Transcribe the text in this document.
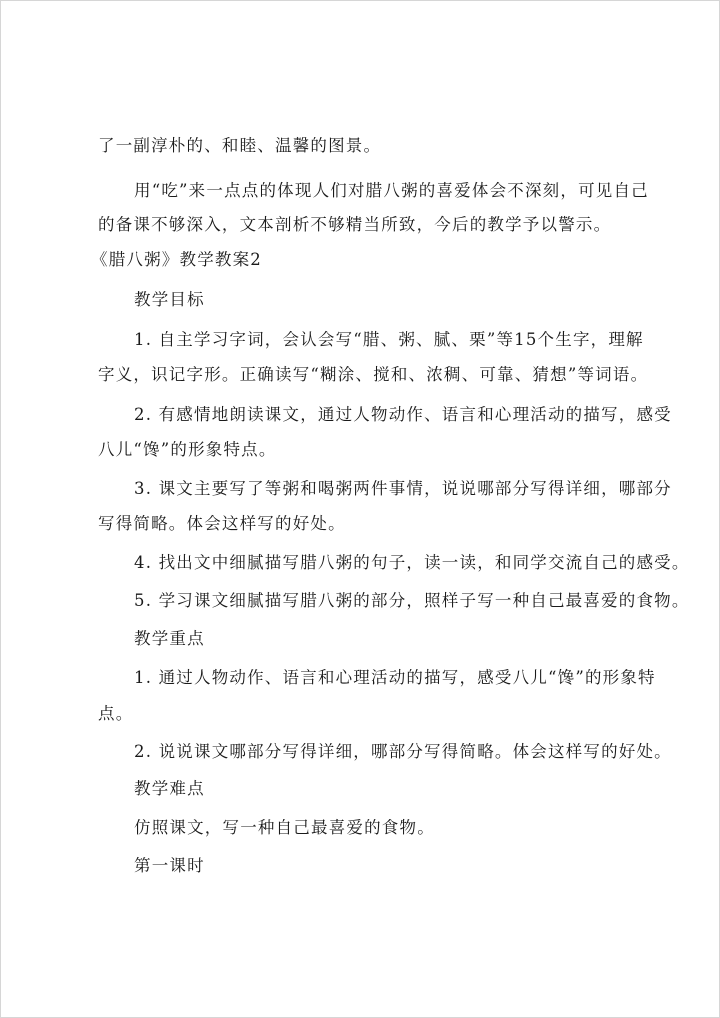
了一副淳朴的、和睦、温馨的图景。
用“吃”来一点点的体现人们对腊八粥的喜爱体会不深刻，可见自己
的备课不够深入，文本剖析不够精当所致，今后的教学予以警示。
《腊八粥》教学教案2
教学目标
1. 自主学习字词，会认会写“腊、粥、腻、栗”等15个生字，理解
字义，识记字形。正确读写“糊涂、搅和、浓稠、可靠、猜想”等词语。
2. 有感情地朗读课文，通过人物动作、语言和心理活动的描写，感受
八儿“馋”的形象特点。
3. 课文主要写了等粥和喝粥两件事情，说说哪部分写得详细，哪部分
写得简略。体会这样写的好处。
4. 找出文中细腻描写腊八粥的句子，读一读，和同学交流自己的感受。
5. 学习课文细腻描写腊八粥的部分，照样子写一种自己最喜爱的食物。
教学重点
1. 通过人物动作、语言和心理活动的描写，感受八儿“馋”的形象特
点。
2. 说说课文哪部分写得详细，哪部分写得简略。体会这样写的好处。
教学难点
仿照课文，写一种自己最喜爱的食物。
第一课时
